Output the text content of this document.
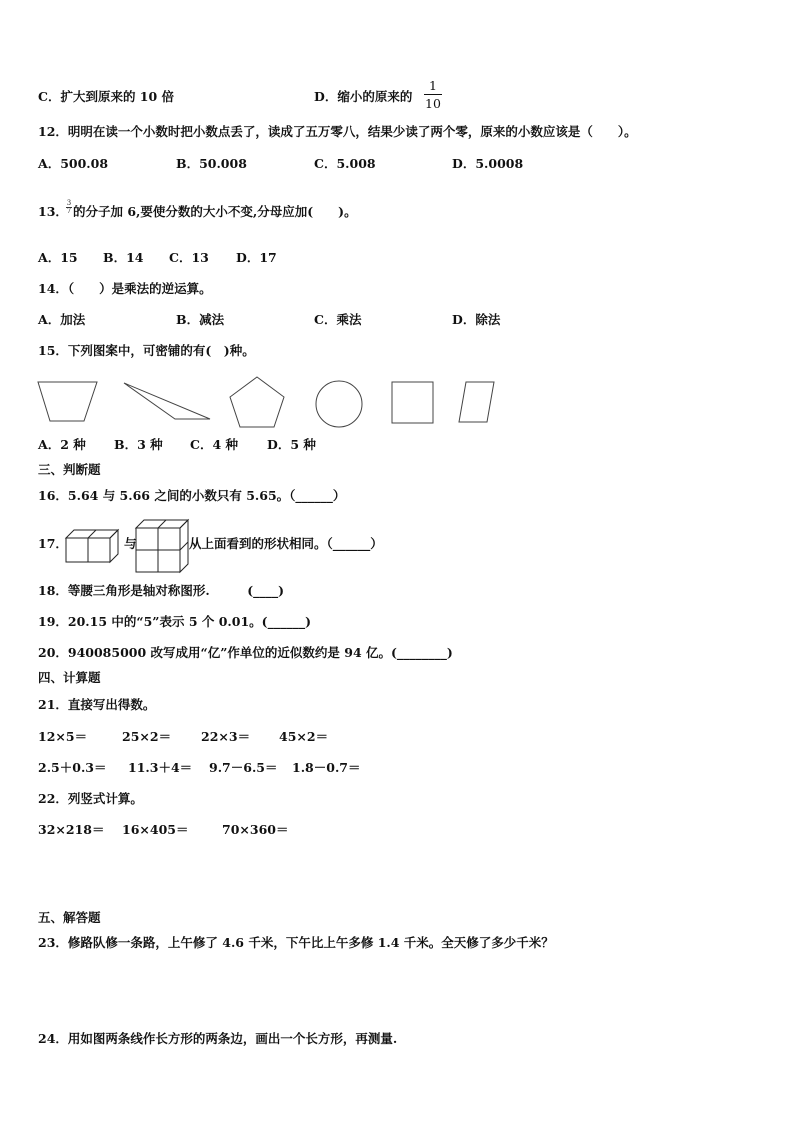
C．扩大到原来的 10 倍	D．缩小的原来的
1
10
12．明明在读一个小数时把小数点丢了，读成了五万零八，结果少读了两个零，原来的小数应该是（　　）。
A．500.08	B．50.008	C．5.008	D．5.0008
13．
3
7 的分子加 6,要使分数的大小不变,分母应加(　　)。
A．15 B．14 C．13 D．17
14．（　　）是乘法的逆运算。
A．加法	B．减法	C．乘法	D．除法
15．下列图案中，可密铺的有(　)种。
A．2 种 B．3 种 C．4 种 D．5 种
三、判断题
16．5.64 与 5.66 之间的小数只有 5.65。（______）
17．	与	从上面看到的形状相同。（______）
18．等腰三角形是轴对称图形.　　　(____)
19．20.15 中的“5”表示 5 个 0.01。(______)
20．940085000 改写成用“亿”作单位的近似数约是 94 亿。(________)
四、计算题
21．直接写出得数。
12×5＝	25×2＝ 22×3＝ 45×2＝
2.5＋0.3＝ 11.3＋4＝ 9.7－6.5＝ 1.8－0.7＝
22．列竖式计算。
32×218＝ 16×405＝	70×360＝
五、解答题
23．修路队修一条路，上午修了 4.6 千米，下午比上午多修 1.4 千米。全天修了多少千米？
24．用如图两条线作长方形的两条边，画出一个长方形，再测量.
